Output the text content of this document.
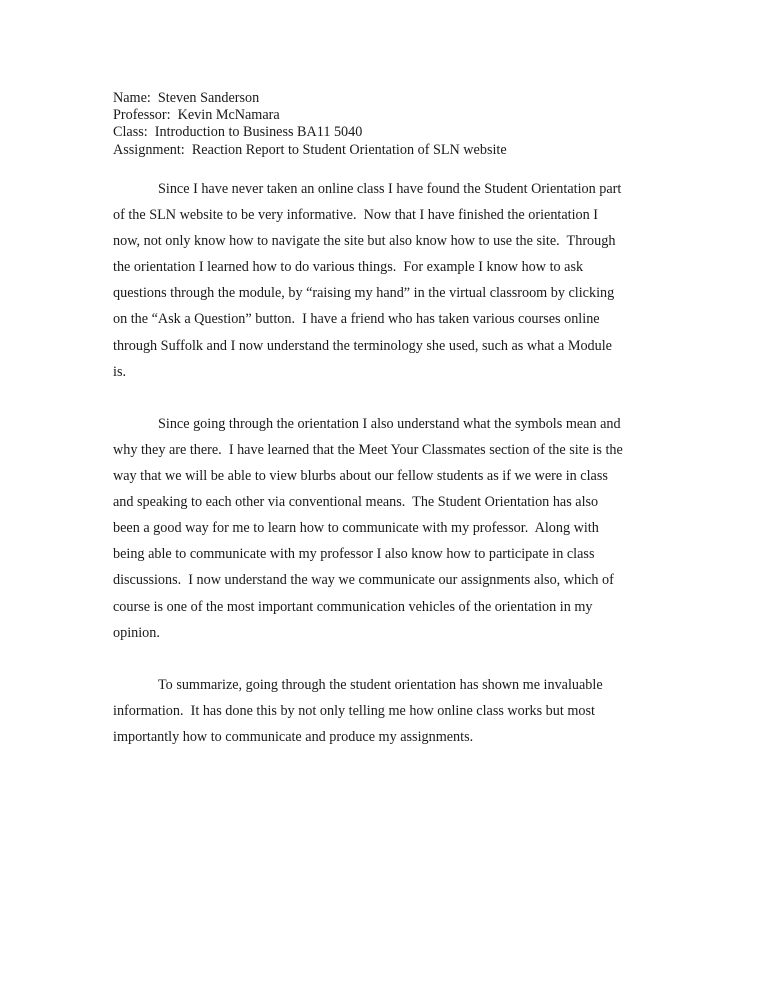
Name:  Steven Sanderson
Professor:  Kevin McNamara
Class:  Introduction to Business BA11 5040
Assignment:  Reaction Report to Student Orientation of SLN website
Since I have never taken an online class I have found the Student Orientation part
of the SLN website to be very informative.  Now that I have finished the orientation I
now, not only know how to navigate the site but also know how to use the site.  Through
the orientation I learned how to do various things.  For example I know how to ask
questions through the module, by “raising my hand” in the virtual classroom by clicking
on the “Ask a Question” button.  I have a friend who has taken various courses online
through Suffolk and I now understand the terminology she used, such as what a Module
is.
Since going through the orientation I also understand what the symbols mean and
why they are there.  I have learned that the Meet Your Classmates section of the site is the
way that we will be able to view blurbs about our fellow students as if we were in class
and speaking to each other via conventional means.  The Student Orientation has also
been a good way for me to learn how to communicate with my professor.  Along with
being able to communicate with my professor I also know how to participate in class
discussions.  I now understand the way we communicate our assignments also, which of
course is one of the most important communication vehicles of the orientation in my
opinion.
To summarize, going through the student orientation has shown me invaluable
information.  It has done this by not only telling me how online class works but most
importantly how to communicate and produce my assignments.
